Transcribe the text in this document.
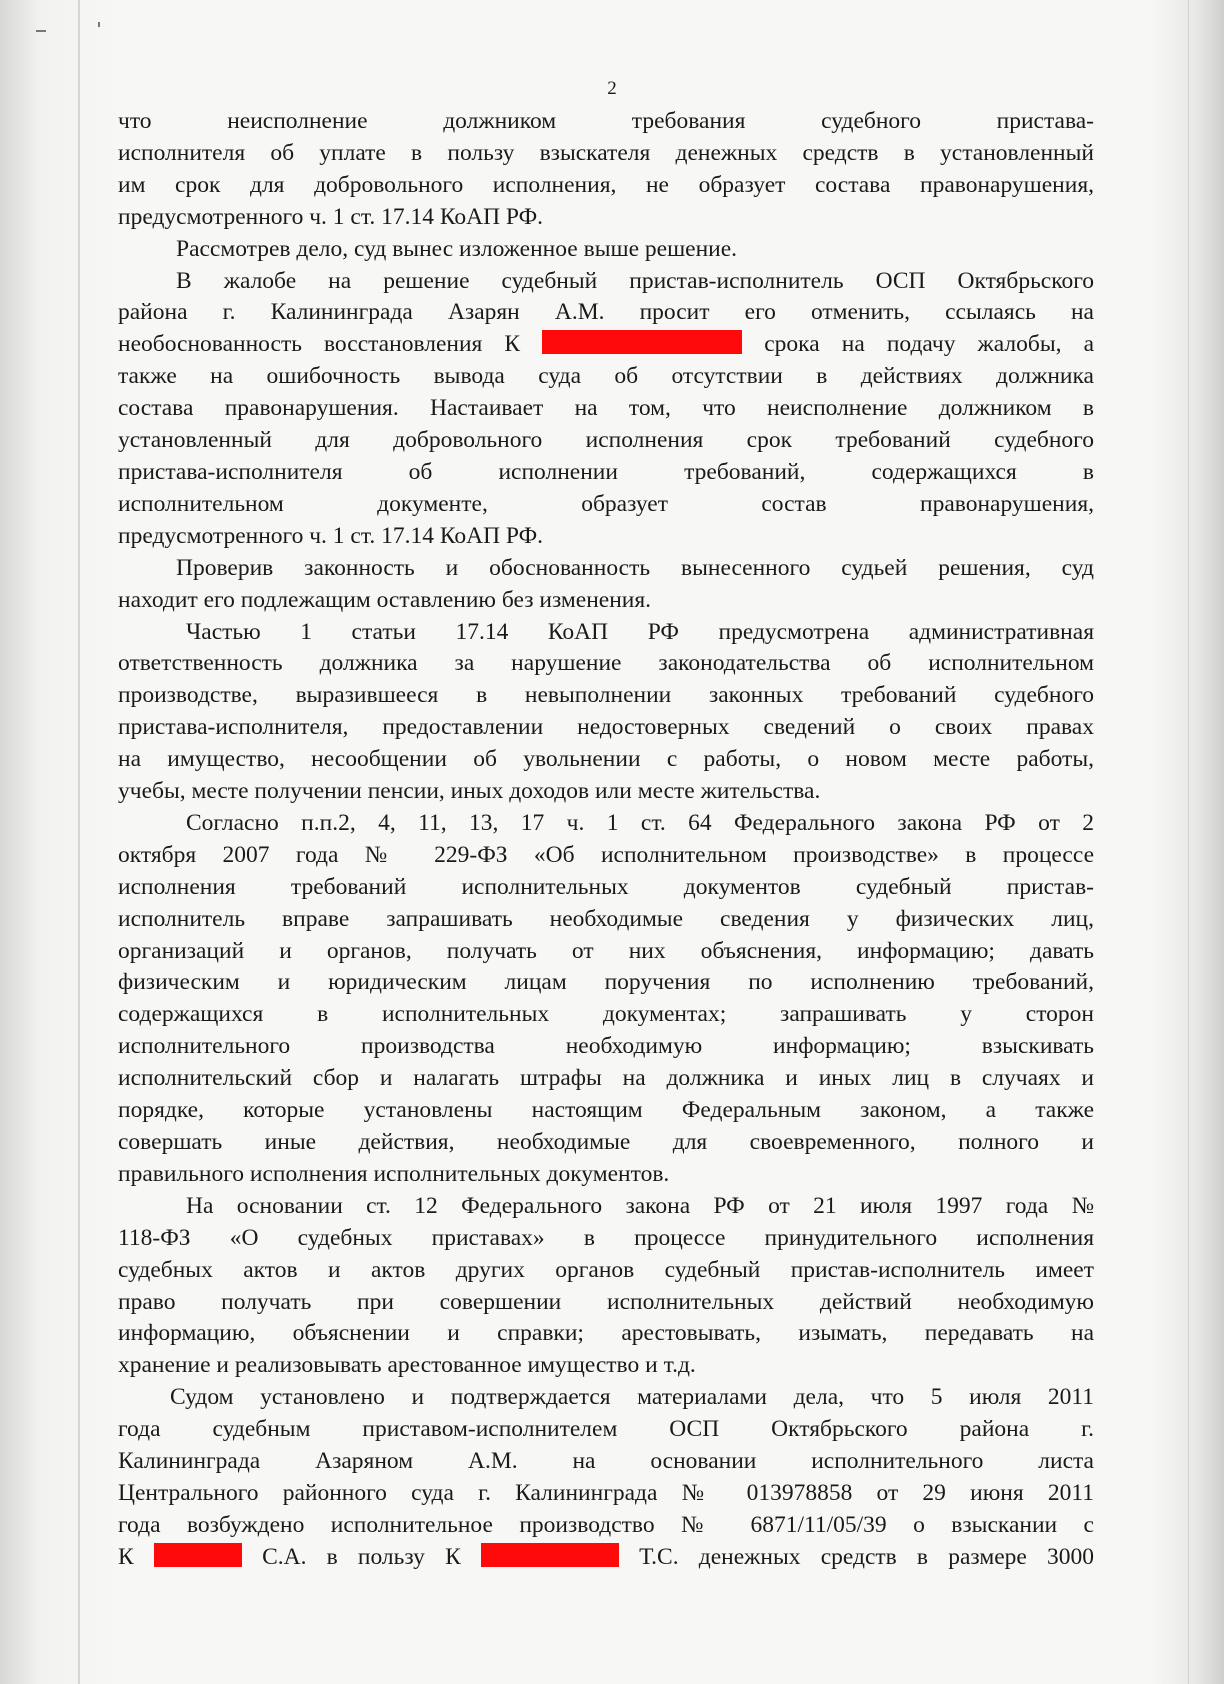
2
что неисполнение должником требования судебного пристава-
исполнителя об уплате в пользу взыскателя денежных средств в установленный
им срок для добровольного исполнения, не образует состава правонарушения,
предусмотренного ч. 1 ст. 17.14 КоАП РФ.
Рассмотрев дело, суд вынес изложенное выше решение.
В жалобе на решение судебный пристав-исполнитель ОСП Октябрьского
района г. Калининграда Азарян А.М. просит его отменить, ссылаясь на
необоснованность восстановления К	срока на подачу жалобы, а
также на ошибочность вывода суда об отсутствии в действиях должника
состава правонарушения. Настаивает на том, что неисполнение должником в
установленный для добровольного исполнения срок требований судебного
пристава-исполнителя об исполнении требований, содержащихся в
исполнительном документе, образует состав правонарушения,
предусмотренного ч. 1 ст. 17.14 КоАП РФ.
Проверив законность и обоснованность вынесенного судьей решения, суд
находит его подлежащим оставлению без изменения.
Частью 1 статьи 17.14 КоАП РФ предусмотрена административная
ответственность должника за нарушение законодательства об исполнительном
производстве, выразившееся в невыполнении законных требований судебного
пристава-исполнителя, предоставлении недостоверных сведений о своих правах
на имущество, несообщении об увольнении с работы, о новом месте работы,
учебы, месте получении пенсии, иных доходов или месте жительства.
Согласно п.п.2, 4, 11, 13, 17 ч. 1 ст. 64 Федерального закона РФ от 2
октября 2007 года № 229-ФЗ «Об исполнительном производстве» в процессе
исполнения требований исполнительных документов судебный пристав-
исполнитель вправе запрашивать необходимые сведения у физических лиц,
организаций и органов, получать от них объяснения, информацию; давать
физическим и юридическим лицам поручения по исполнению требований,
содержащихся в исполнительных документах; запрашивать у сторон
исполнительного производства необходимую информацию; взыскивать
исполнительский сбор и налагать штрафы на должника и иных лиц в случаях и
порядке, которые установлены настоящим Федеральным законом, а также
совершать иные действия, необходимые для своевременного, полного и
правильного исполнения исполнительных документов.
На основании ст. 12 Федерального закона РФ от 21 июля 1997 года №
118-ФЗ «О судебных приставах» в процессе принудительного исполнения
судебных актов и актов других органов судебный пристав-исполнитель имеет
право получать при совершении исполнительных действий необходимую
информацию, объяснении и справки; арестовывать, изымать, передавать на
хранение и реализовывать арестованное имущество и т.д.
Судом установлено и подтверждается материалами дела, что 5 июля 2011
года судебным приставом-исполнителем ОСП Октябрьского района г.
Калининграда Азаряном А.М. на основании исполнительного листа
Центрального районного суда г. Калининграда № 013978858 от 29 июня 2011
года возбуждено исполнительное производство № 6871/11/05/39 о взыскании с
К	С.А. в пользу К	Т.С. денежных средств в размере 3000
